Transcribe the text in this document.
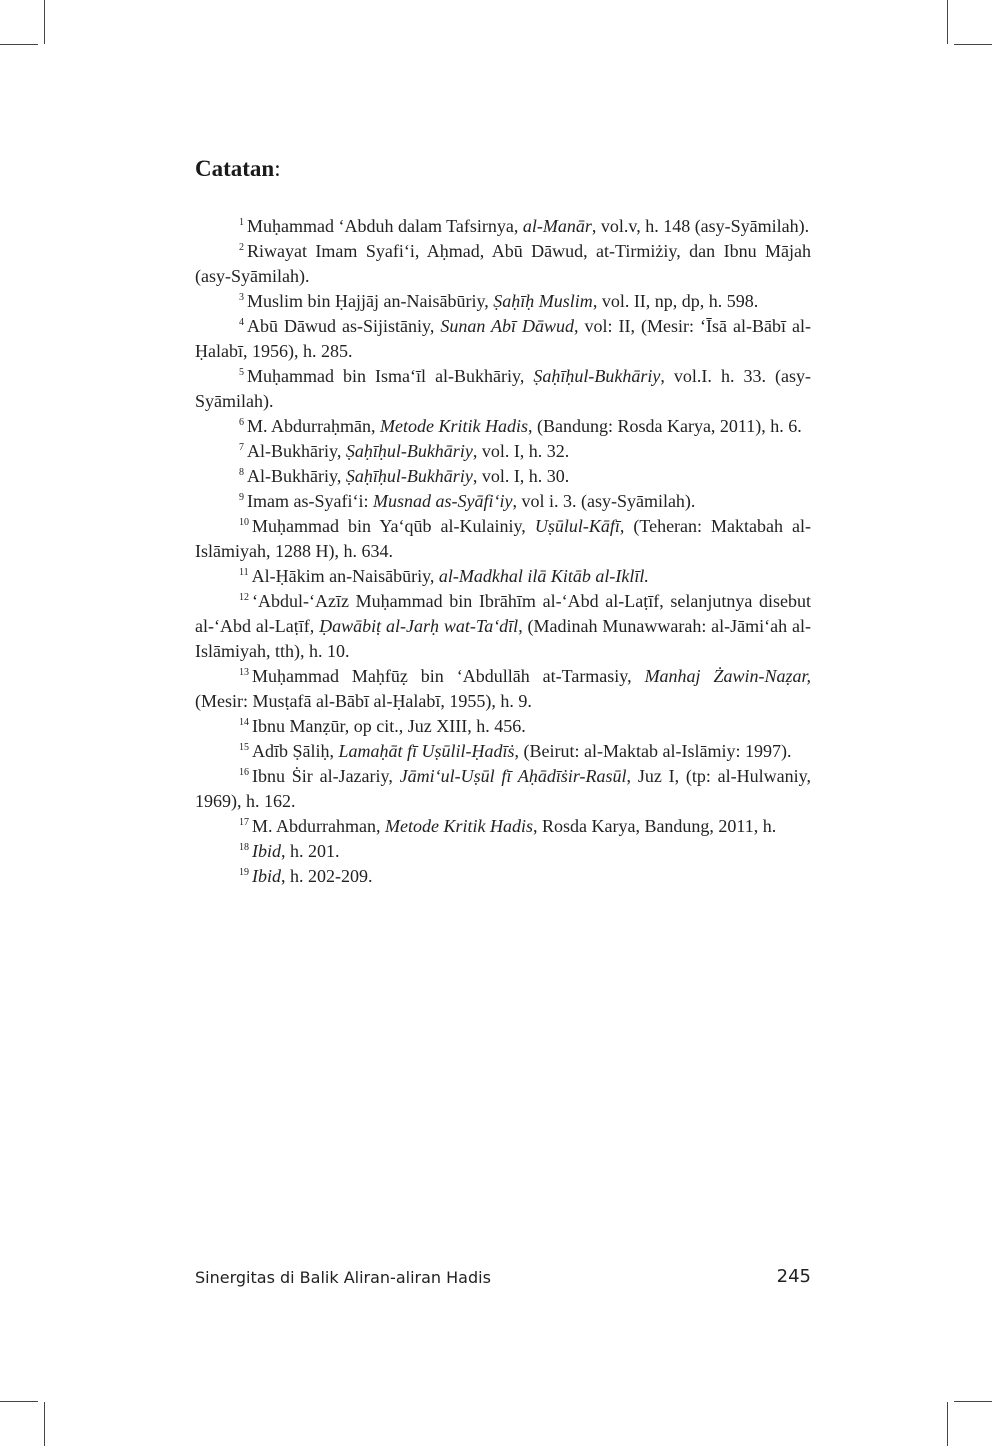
Catatan:

$^1$ Muḥammad ʻAbduh dalam Tafsirnya, al-Manār, vol.v, h. 148 (asy-Syāmilah).

$^2$ Riwayat Imam Syafiʻi, Aḥmad, Abū Dāwud, at-Tirmiżiy, dan Ibnu Mājah (asy-Syāmilah).

$^3$ Muslim bin Ḥajjāj an-Naisābūriy, Ṣaḥīḥ Muslim, vol. II, np, dp, h. 598.

$^4$ Abū Dāwud as-Sijistāniy, Sunan Abī Dāwud, vol: II, (Mesir: ʻĪsā al-Bābī al-Ḥalabī, 1956), h. 285.

$^5$ Muḥammad bin Ismaʻīl al-Bukhāriy, Ṣaḥīḥul-Bukhāriy, vol.I. h. 33. (asy-Syāmilah).

$^6$ M. Abdurraḥmān, Metode Kritik Hadis, (Bandung: Rosda Karya, 2011), h. 6.

$^7$ Al-Bukhāriy, Ṣaḥīḥul-Bukhāriy, vol. I, h. 32.

$^8$ Al-Bukhāriy, Ṣaḥīḥul-Bukhāriy, vol. I, h. 30.

$^9$ Imam as-Syafiʻi: Musnad as-Syāfiʻiy, vol i. 3. (asy-Syāmilah).

$^{10}$ Muḥammad bin Yaʻqūb al-Kulainiy, Uṣūlul-Kāfī, (Teheran: Maktabah al-Islāmiyah, 1288 H), h. 634.

$^{11}$ Al-Ḥākim an-Naisābūriy, al-Madkhal ilā Kitāb al-Iklīl.

$^{12}$ ʻAbdul-ʻAzīz Muḥammad bin Ibrāhīm al-ʻAbd al-Laṭīf, selanjutnya disebut al-ʻAbd al-Laṭīf, Ḍawābiṭ al-Jarḥ wat-Taʻdīl, (Madinah Munawwarah: al-Jāmiʻah al- Islāmiyah, tth), h. 10.

$^{13}$ Muḥammad Maḥfūẓ bin ʻAbdullāh at-Tarmasiy, Manhaj Żawin-Naẓar, (Mesir: Musṭafā al-Bābī al-Ḥalabī, 1955), h. 9.

$^{14}$ Ibnu Manẓūr, op cit., Juz XIII, h. 456.

$^{15}$ Adīb Ṣāliḥ, Lamaḥāt fī Uṣūlil-Ḥadīṡ, (Beirut: al-Maktab al-Islāmiy: 1997).

$^{16}$ Ibnu Ṡir al-Jazariy, Jāmiʻul-Uṣūl fī Aḥādīṡir-Rasūl, Juz I, (tp: al-Hulwaniy, 1969), h. 162.

$^{17}$ M. Abdurrahman, Metode Kritik Hadis, Rosda Karya, Bandung, 2011, h.

$^{18}$ Ibid, h. 201.

$^{19}$ Ibid, h. 202-209.

Sinergitas di Balik Aliran-aliran Hadis	245
